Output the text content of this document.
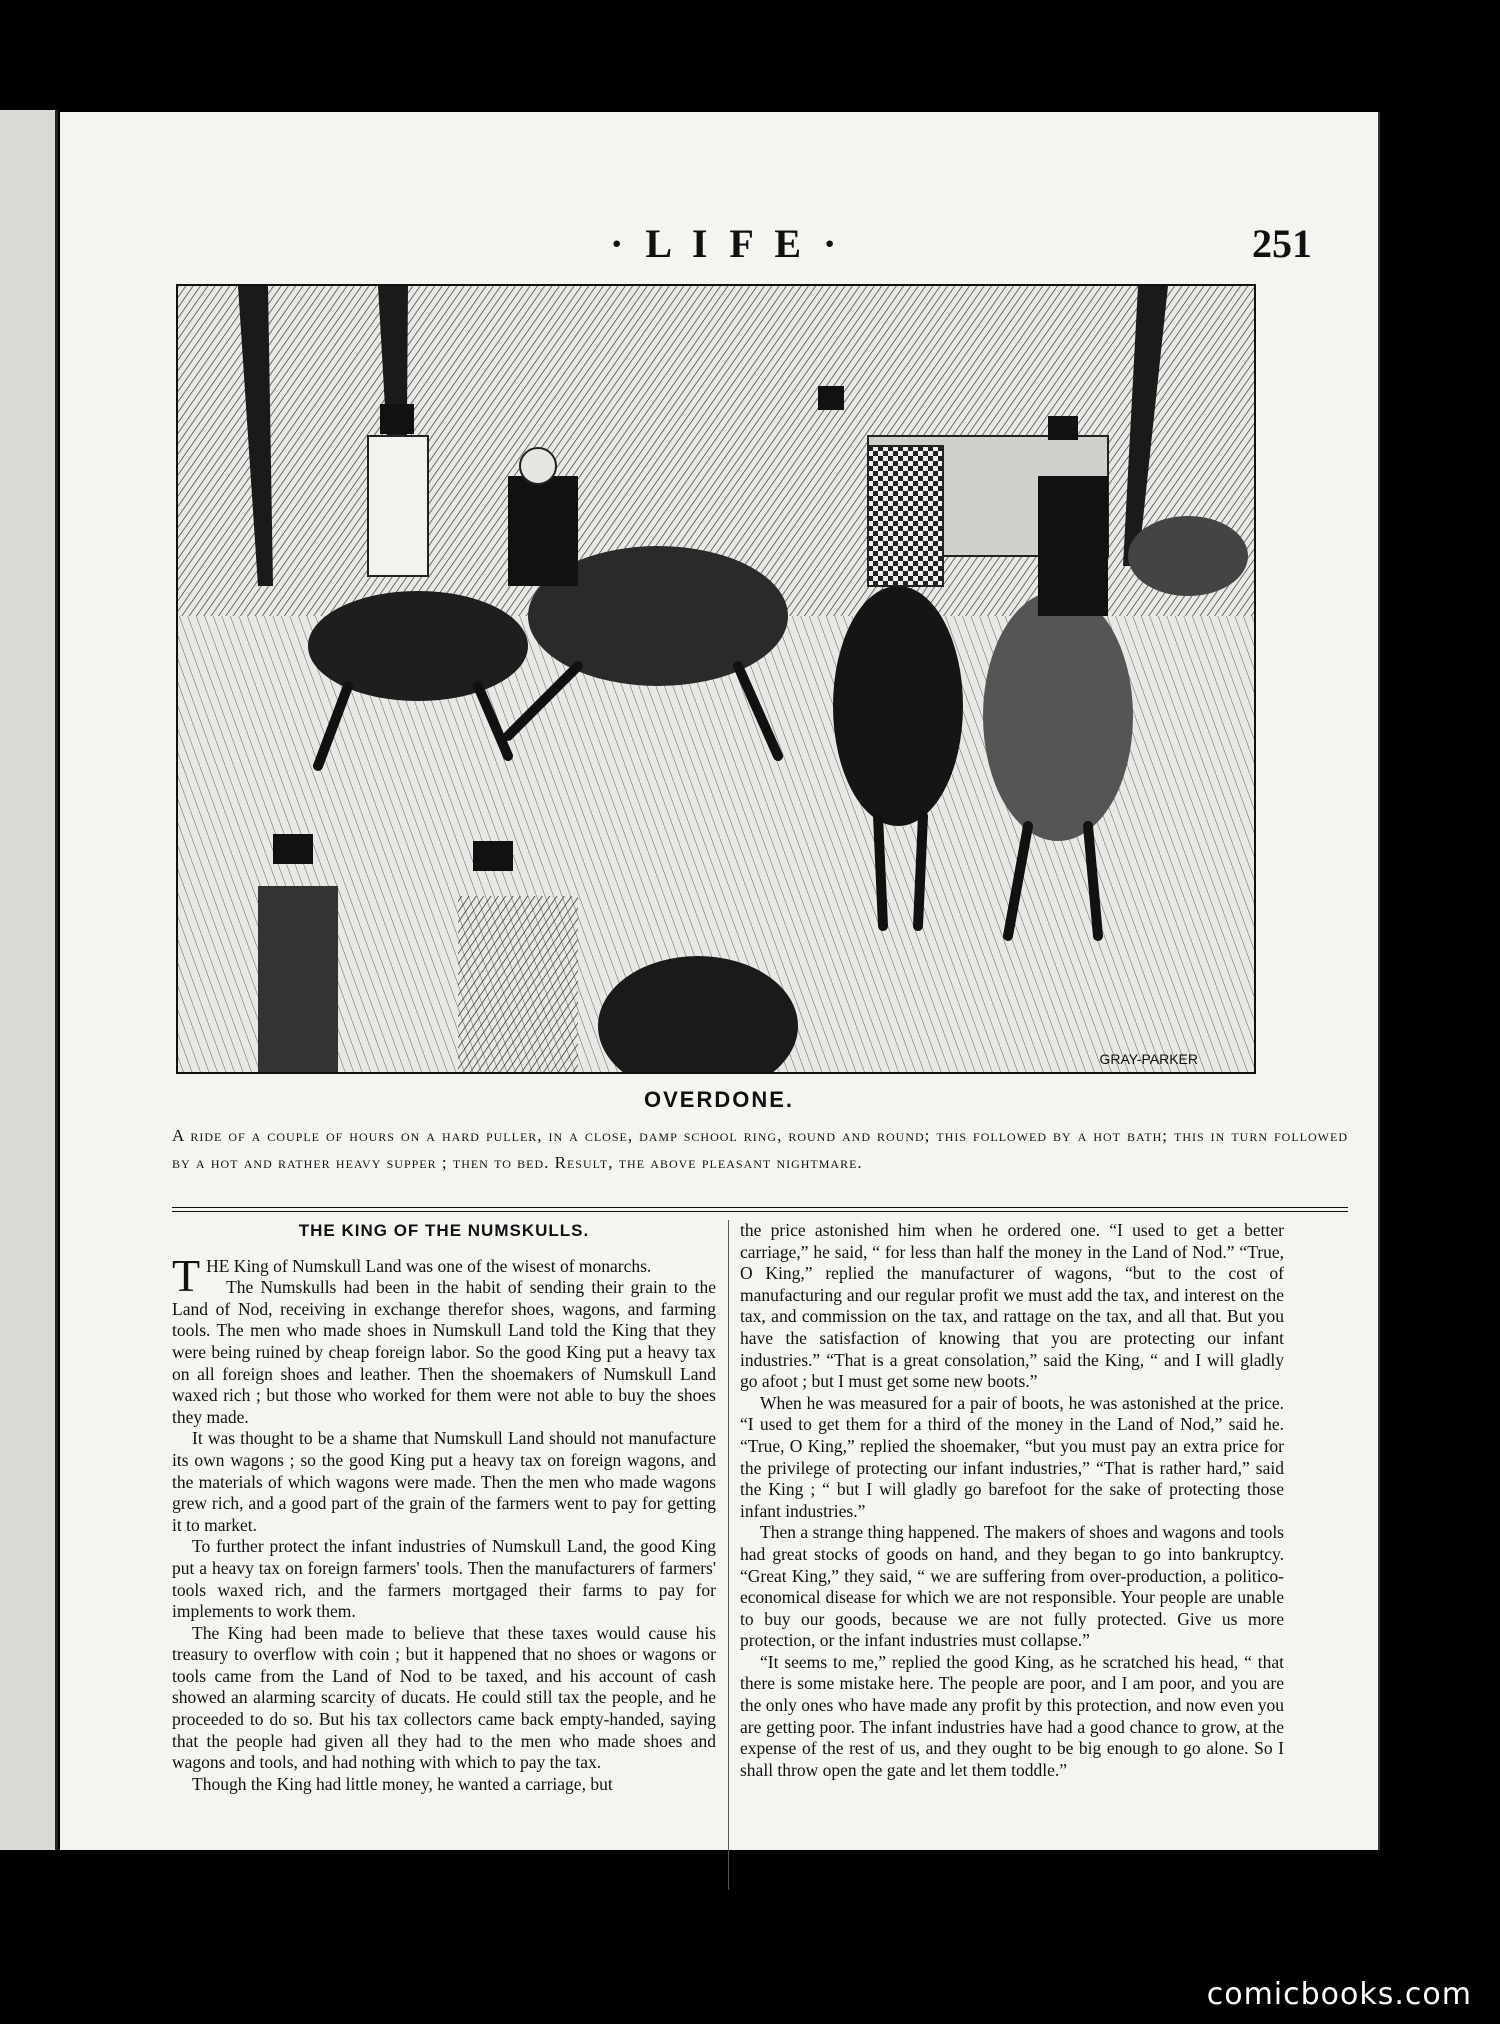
· L I F E ·	251
GRAY-PARKER
OVERDONE.
A ride of a couple of hours on a hard puller, in a close, damp school ring, round and round; this followed by a hot bath; this in turn followed by a hot and rather heavy supper ; then to bed. Result, the above pleasant nightmare.
THE KING OF THE NUMSKULLS.

THE King of Numskull Land was one of the wisest of monarchs.

The Numskulls had been in the habit of sending their grain to the Land of Nod, receiving in exchange therefor shoes, wagons, and farming tools. The men who made shoes in Numskull Land told the King that they were being ruined by cheap foreign labor. So the good King put a heavy tax on all foreign shoes and leather. Then the shoemakers of Numskull Land waxed rich ; but those who worked for them were not able to buy the shoes they made.

It was thought to be a shame that Numskull Land should not manufacture its own wagons ; so the good King put a heavy tax on foreign wagons, and the materials of which wagons were made. Then the men who made wagons grew rich, and a good part of the grain of the farmers went to pay for getting it to market.

To further protect the infant industries of Numskull Land, the good King put a heavy tax on foreign farmers' tools. Then the manufacturers of farmers' tools waxed rich, and the farmers mortgaged their farms to pay for implements to work them.

The King had been made to believe that these taxes would cause his treasury to overflow with coin ; but it happened that no shoes or wagons or tools came from the Land of Nod to be taxed, and his account of cash showed an alarming scarcity of ducats. He could still tax the people, and he proceeded to do so. But his tax collectors came back empty-handed, saying that the people had given all they had to the men who made shoes and wagons and tools, and had nothing with which to pay the tax.

Though the King had little money, he wanted a carriage, but

the price astonished him when he ordered one. “I used to get a better carriage,” he said, “ for less than half the money in the Land of Nod.” “True, O King,” replied the manufacturer of wagons, “but to the cost of manufacturing and our regular profit we must add the tax, and interest on the tax, and commission on the tax, and rattage on the tax, and all that. But you have the satisfaction of knowing that you are protecting our infant industries.” “That is a great consolation,” said the King, “ and I will gladly go afoot ; but I must get some new boots.”

When he was measured for a pair of boots, he was astonished at the price. “I used to get them for a third of the money in the Land of Nod,” said he. “True, O King,” replied the shoemaker, “but you must pay an extra price for the privilege of protecting our infant industries,” “That is rather hard,” said the King ; “ but I will gladly go barefoot for the sake of protecting those infant industries.”

Then a strange thing happened. The makers of shoes and wagons and tools had great stocks of goods on hand, and they began to go into bankruptcy. “Great King,” they said, “ we are suffering from over-production, a politico-economical disease for which we are not responsible. Your people are unable to buy our goods, because we are not fully protected. Give us more protection, or the infant industries must collapse.”

“It seems to me,” replied the good King, as he scratched his head, “ that there is some mistake here. The people are poor, and I am poor, and you are the only ones who have made any profit by this protection, and now even you are getting poor. The infant industries have had a good chance to grow, at the expense of the rest of us, and they ought to be big enough to go alone. So I shall throw open the gate and let them toddle.”

comicbooks.com
